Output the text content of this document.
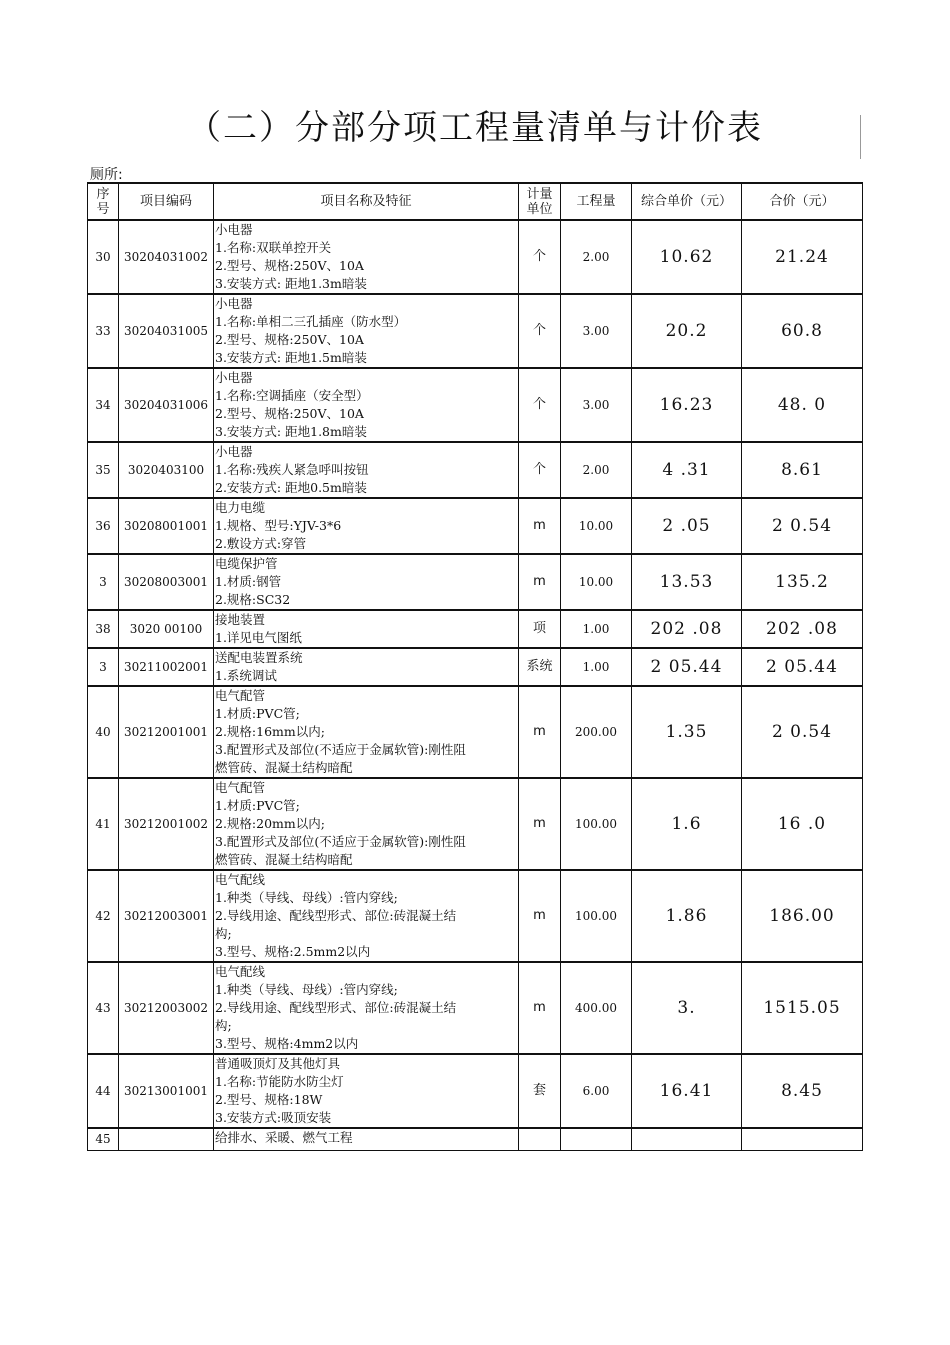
（二）分部分项工程量清单与计价表
厕所:
序
号	项目编码	项目名称及特征	计量
单位	工程量	综合单价（元）	合价（元）
30	30204031002	小电器
1.名称:双联单控开关
2.型号、规格:250V、10A
3.安装方式: 距地1.3m暗装	个	2.00	10.62	21.24
33	30204031005	小电器
1.名称:单相二三孔插座（防水型）
2.型号、规格:250V、10A
3.安装方式: 距地1.5m暗装	个	3.00	20.2	60.8
34	30204031006	小电器
1.名称:空调插座（安全型）
2.型号、规格:250V、10A
3.安装方式: 距地1.8m暗装	个	3.00	16.23	48. 0
35	3020403100	小电器
1.名称:残疾人紧急呼叫按钮
2.安装方式: 距地0.5m暗装	个	2.00	4 .31	8.61
36	30208001001	电力电缆
1.规格、型号:YJV-3*6
2.敷设方式:穿管	m	10.00	2 .05	2 0.54
3	30208003001	电缆保护管
1.材质:钢管
2.规格:SC32	m	10.00	13.53	135.2
38	3020 00100	接地装置
1.详见电气图纸	项	1.00	202 .08	202 .08
3	30211002001	送配电装置系统
1.系统调试	系统	1.00	2 05.44	2 05.44
40	30212001001	电气配管
1.材质:PVC管;
2.规格:16mm以内;
3.配置形式及部位(不适应于金属软管):刚性阻
燃管砖、混凝土结构暗配	m	200.00	1.35	2 0.54
41	30212001002	电气配管
1.材质:PVC管;
2.规格:20mm以内;
3.配置形式及部位(不适应于金属软管):刚性阻
燃管砖、混凝土结构暗配	m	100.00	1.6	16 .0
42	30212003001	电气配线
1.种类（导线、母线）:管内穿线;
2.导线用途、配线型形式、部位:砖混凝土结
构;
3.型号、规格:2.5mm2以内	m	100.00	1.86	186.00
43	30212003002	电气配线
1.种类（导线、母线）:管内穿线;
2.导线用途、配线型形式、部位:砖混凝土结
构;
3.型号、规格:4mm2以内	m	400.00	3.	1515.05
44	30213001001	普通吸顶灯及其他灯具
1.名称:节能防水防尘灯
2.型号、规格:18W
3.安装方式:吸顶安装	套	6.00	16.41	8.45
45		给排水、采暖、燃气工程				
